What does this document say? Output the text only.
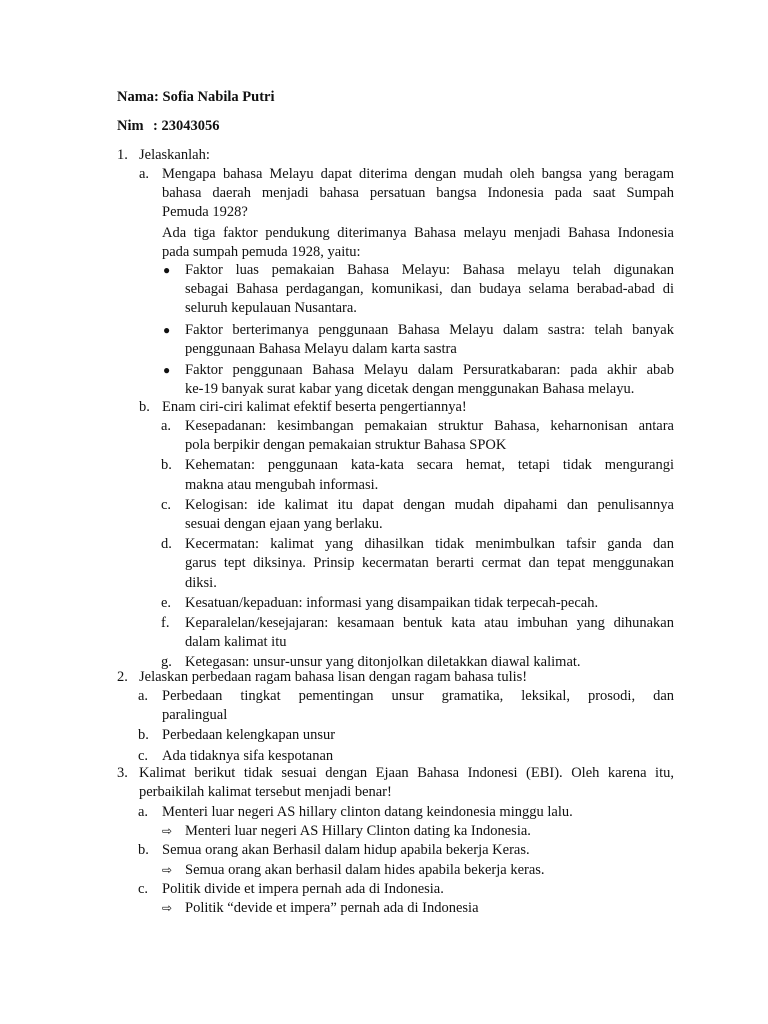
Nama: Sofia Nabila Putri
Nim : 23043056
1. Jelaskanlah:
a. Mengapa bahasa Melayu dapat diterima dengan mudah oleh bangsa yang beragam
bahasa daerah menjadi bahasa persatuan bangsa Indonesia pada saat Sumpah
Pemuda 1928?
Ada tiga faktor pendukung diterimanya Bahasa melayu menjadi Bahasa Indonesia
pada sumpah pemuda 1928, yaitu:
● Faktor luas pemakaian Bahasa Melayu: Bahasa melayu telah digunakan
sebagai Bahasa perdagangan, komunikasi, dan budaya selama berabad-abad di
seluruh kepulauan Nusantara.
● Faktor berterimanya penggunaan Bahasa Melayu dalam sastra: telah banyak
penggunaan Bahasa Melayu dalam karta sastra
● Faktor penggunaan Bahasa Melayu dalam Persuratkabaran: pada akhir abab
ke-19 banyak surat kabar yang dicetak dengan menggunakan Bahasa melayu.
b. Enam ciri-ciri kalimat efektif beserta pengertiannya!
a. Kesepadanan: kesimbangan pemakaian struktur Bahasa, keharnonisan antara
pola berpikir dengan pemakaian struktur Bahasa SPOK
b. Kehematan: penggunaan kata-kata secara hemat, tetapi tidak mengurangi
makna atau mengubah informasi.
c. Kelogisan: ide kalimat itu dapat dengan mudah dipahami dan penulisannya
sesuai dengan ejaan yang berlaku.
d. Kecermatan: kalimat yang dihasilkan tidak menimbulkan tafsir ganda dan
garus tept diksinya. Prinsip kecermatan berarti cermat dan tepat menggunakan
diksi.
e. Kesatuan/kepaduan: informasi yang disampaikan tidak terpecah-pecah.
f.	Keparalelan/kesejajaran: kesamaan bentuk kata atau imbuhan yang dihunakan
dalam kalimat itu
g. Ketegasan: unsur-unsur yang ditonjolkan diletakkan diawal kalimat.
2. Jelaskan perbedaan ragam bahasa lisan dengan ragam bahasa tulis!
a. Perbedaan tingkat pementingan unsur gramatika, leksikal, prosodi, dan
paralingual
b. Perbedaan kelengkapan unsur
c. Ada tidaknya sifa kespotanan
3. Kalimat berikut tidak sesuai dengan Ejaan Bahasa Indonesi (EBI). Oleh karena itu,
perbaikilah kalimat tersebut menjadi benar!
a. Menteri luar negeri AS hillary clinton datang keindonesia minggu lalu.
⇨ Menteri luar negeri AS Hillary Clinton dating ka Indonesia.
b. Semua orang akan Berhasil dalam hidup apabila bekerja Keras.
⇨ Semua orang akan berhasil dalam hides apabila bekerja keras.
c. Politik divide et impera pernah ada di Indonesia.
⇨ Politik “devide et impera” pernah ada di Indonesia
